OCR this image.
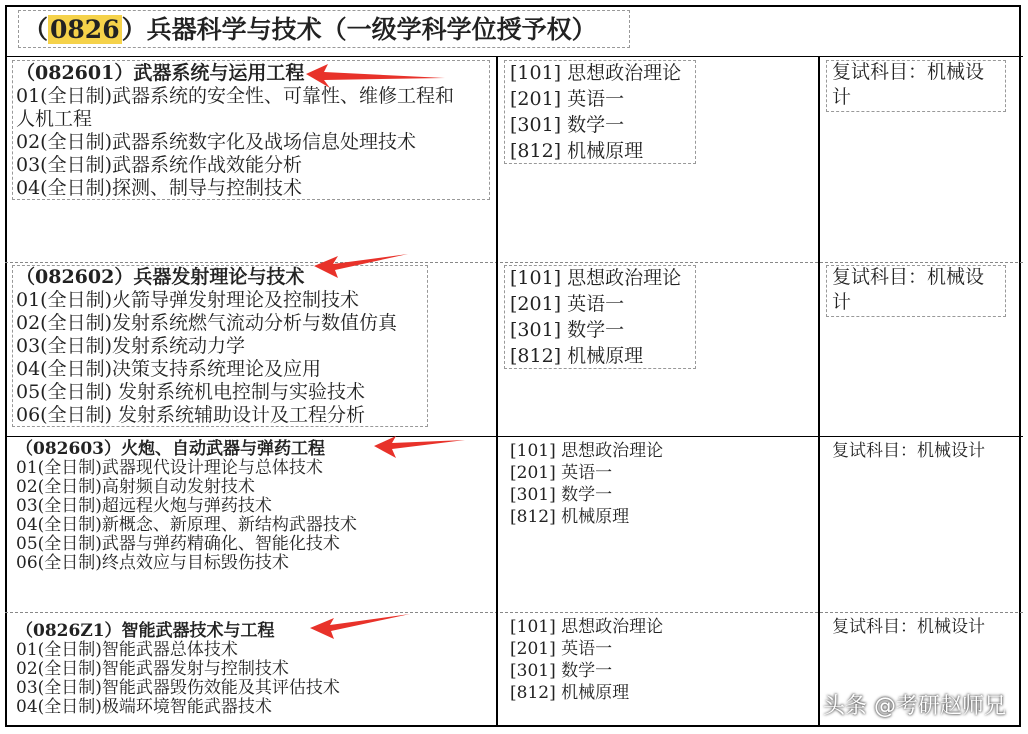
（0826）兵器科学与技术（一级学科学位授予权）
（082601）武器系统与运用工程
01(全日制)武器系统的安全性、可靠性、维修工程和
人机工程
02(全日制)武器系统数字化及战场信息处理技术
03(全日制)武器系统作战效能分析
04(全日制)探测、制导与控制技术
[101] 思想政治理论
[201] 英语一
[301] 数学一
[812] 机械原理
复试科目：机械设计
（082602）兵器发射理论与技术
01(全日制)火箭导弹发射理论及控制技术
02(全日制)发射系统燃气流动分析与数值仿真
03(全日制)发射系统动力学
04(全日制)决策支持系统理论及应用
05(全日制) 发射系统机电控制与实验技术
06(全日制) 发射系统辅助设计及工程分析
[101] 思想政治理论
[201] 英语一
[301] 数学一
[812] 机械原理
复试科目：机械设计
（082603）火炮、自动武器与弹药工程
01(全日制)武器现代设计理论与总体技术
02(全日制)高射频自动发射技术
03(全日制)超远程火炮与弹药技术
04(全日制)新概念、新原理、新结构武器技术
05(全日制)武器与弹药精确化、智能化技术
06(全日制)终点效应与目标毁伤技术
[101] 思想政治理论
[201] 英语一
[301] 数学一
[812] 机械原理
复试科目：机械设计
（0826Z1）智能武器技术与工程
01(全日制)智能武器总体技术
02(全日制)智能武器发射与控制技术
03(全日制)智能武器毁伤效能及其评估技术
04(全日制)极端环境智能武器技术
[101] 思想政治理论
[201] 英语一
[301] 数学一
[812] 机械原理
复试科目：机械设计
头条 @考研赵师兄
